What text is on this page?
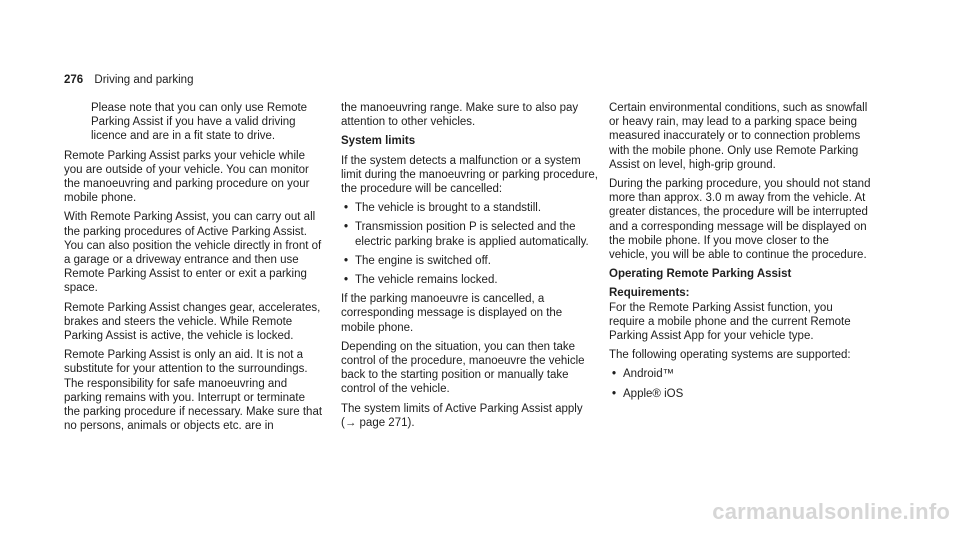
276 Driving and parking

Please note that you can only use Remote Parking Assist if you have a valid driving licence and are in a fit state to drive.

Remote Parking Assist parks your vehicle while you are outside of your vehicle. You can monitor the manoeuvring and parking procedure on your mobile phone.

With Remote Parking Assist, you can carry out all the parking procedures of Active Parking Assist. You can also position the vehicle directly in front of a garage or a driveway entrance and then use Remote Parking Assist to enter or exit a parking space.

Remote Parking Assist changes gear, accelerates, brakes and steers the vehicle. While Remote Parking Assist is active, the vehicle is locked.

Remote Parking Assist is only an aid. It is not a substitute for your attention to the surroundings. The responsibility for safe manoeuvring and parking remains with you. Interrupt or terminate the parking procedure if necessary. Make sure that no persons, animals or objects etc. are in

the manoeuvring range. Make sure to also pay attention to other vehicles.

System limits

If the system detects a malfunction or a system limit during the manoeuvring or parking procedure, the procedure will be cancelled:

• The vehicle is brought to a standstill.
• Transmission position P is selected and the electric parking brake is applied automatically.
• The engine is switched off.
• The vehicle remains locked.

If the parking manoeuvre is cancelled, a corresponding message is displayed on the mobile phone.

Depending on the situation, you can then take control of the procedure, manoeuvre the vehicle back to the starting position or manually take control of the vehicle.

The system limits of Active Parking Assist apply (→ page 271).

Certain environmental conditions, such as snowfall or heavy rain, may lead to a parking space being measured inaccurately or to connection problems with the mobile phone. Only use Remote Parking Assist on level, high-grip ground.

During the parking procedure, you should not stand more than approx. 3.0 m away from the vehicle. At greater distances, the procedure will be interrupted and a corresponding message will be displayed on the mobile phone. If you move closer to the vehicle, you will be able to continue the procedure.

Operating Remote Parking Assist

Requirements:
For the Remote Parking Assist function, you require a mobile phone and the current Remote Parking Assist App for your vehicle type.

The following operating systems are supported:

• Android™
• Apple® iOS
carmanualsonline.info
